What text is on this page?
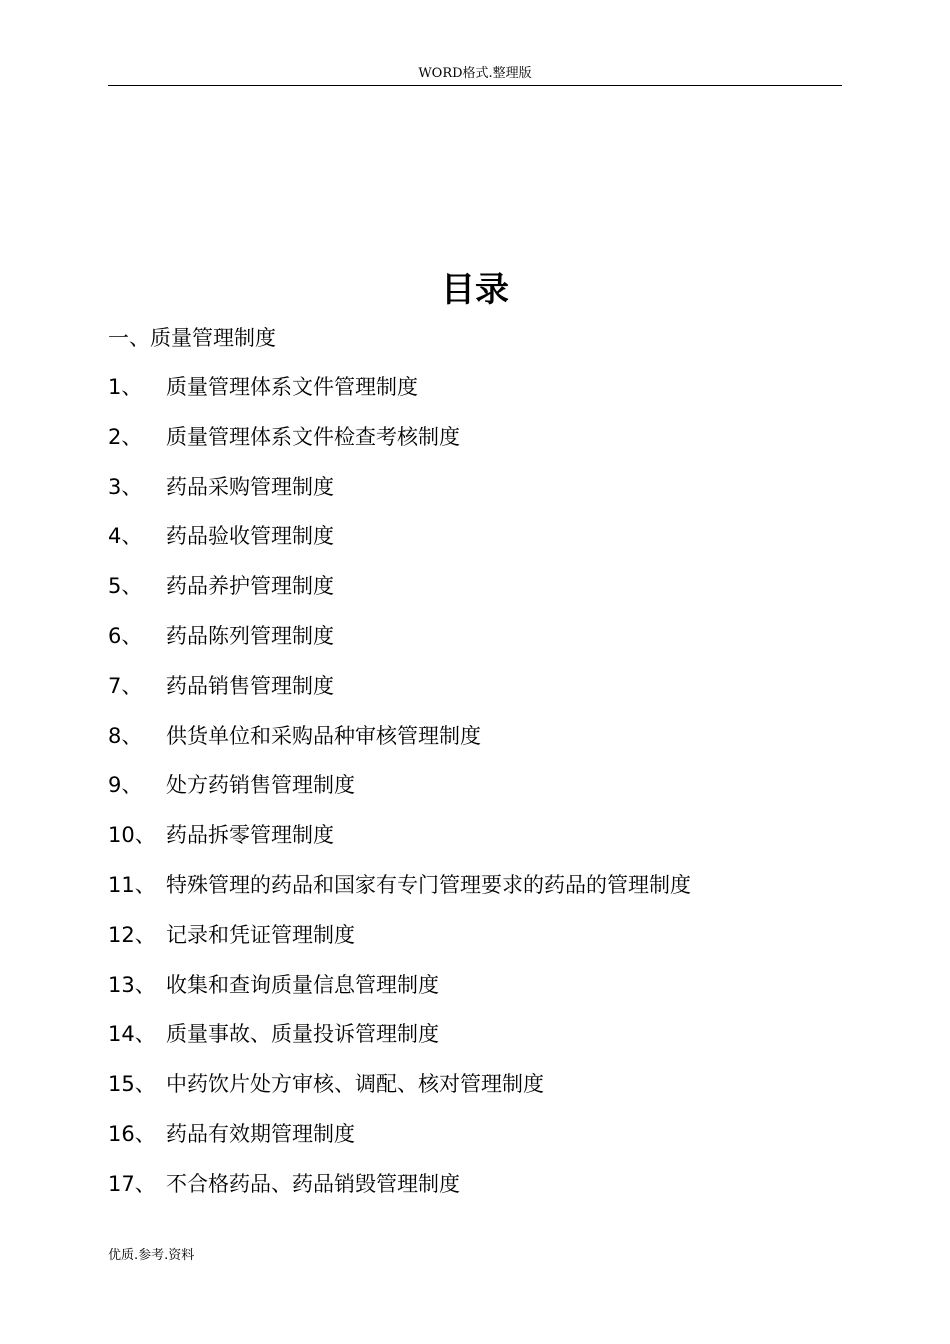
WORD格式.整理版
目录
一、质量管理制度
1、	质量管理体系文件管理制度
2、	质量管理体系文件检查考核制度
3、	药品采购管理制度
4、	药品验收管理制度
5、	药品养护管理制度
6、	药品陈列管理制度
7、	药品销售管理制度
8、	供货单位和采购品种审核管理制度
9、	处方药销售管理制度
10、 药品拆零管理制度
11、 特殊管理的药品和国家有专门管理要求的药品的管理制度
12、 记录和凭证管理制度
13、 收集和查询质量信息管理制度
14、 质量事故、质量投诉管理制度
15、 中药饮片处方审核、调配、核对管理制度
16、 药品有效期管理制度
17、 不合格药品、药品销毁管理制度
优质.参考.资料
